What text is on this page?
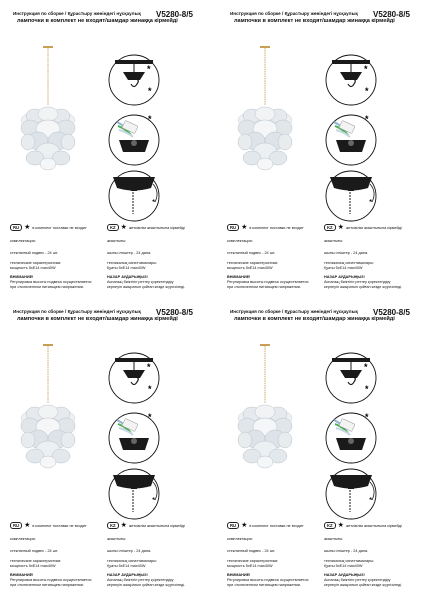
Инструкция по сборке / Құрастыру жөніндегі нұсқаулық
лампочки в комплект не входят/шамдар жинаққа кірмейді
V5280-8/5
*
*
*
RU ★ в комплект поставки не входит
комплектация:
стеклянный подвес - 24 шт.
технические характеристики:
мощность 5хЕ14 max40W
ВНИМАНИЕ!
Регулировка высоты подвеса осуществляется
при отключенном питающем напряжении.
KZ ★ жеткізілім жиынтығына кірмейді
жиынтығы:
шыны ілгіштер - 24 дана.
техникалық сипаттамалары:
Қуаты 5хЕ14 max40W
НАЗАР АУДАРЫҢЫЗ!
Аспаның биіктігін реттеу қоректендіру
кернеуін ажыратып қойған кезде жүргізіледі.
Инструкция по сборке / Құрастыру жөніндегі нұсқаулық
лампочки в комплект не входят/шамдар жинаққа кірмейді
V5280-8/5
*
*
*
RU ★ в комплект поставки не входит
комплектация:
стеклянный подвес - 24 шт.
технические характеристики:
мощность 5хЕ14 max40W
ВНИМАНИЕ!
Регулировка высоты подвеса осуществляется
при отключенном питающем напряжении.
KZ ★ жеткізілім жиынтығына кірмейді
жиынтығы:
шыны ілгіштер - 24 дана.
техникалық сипаттамалары:
Қуаты 5хЕ14 max40W
НАЗАР АУДАРЫҢЫЗ!
Аспаның биіктігін реттеу қоректендіру
кернеуін ажыратып қойған кезде жүргізіледі.
Инструкция по сборке / Құрастыру жөніндегі нұсқаулық
лампочки в комплект не входят/шамдар жинаққа кірмейді
V5280-8/5
*
*
*
RU ★ в комплект поставки не входит
комплектация:
стеклянный подвес - 24 шт.
технические характеристики:
мощность 5хЕ14 max40W
ВНИМАНИЕ!
Регулировка высоты подвеса осуществляется
при отключенном питающем напряжении.
KZ ★ жеткізілім жиынтығына кірмейді
жиынтығы:
шыны ілгіштер - 24 дана.
техникалық сипаттамалары:
Қуаты 5хЕ14 max40W
НАЗАР АУДАРЫҢЫЗ!
Аспаның биіктігін реттеу қоректендіру
кернеуін ажыратып қойған кезде жүргізіледі.
Инструкция по сборке / Құрастыру жөніндегі нұсқаулық
лампочки в комплект не входят/шамдар жинаққа кірмейді
V5280-8/5
*
*
*
RU ★ в комплект поставки не входит
комплектация:
стеклянный подвес - 24 шт.
технические характеристики:
мощность 5хЕ14 max40W
ВНИМАНИЕ!
Регулировка высоты подвеса осуществляется
при отключенном питающем напряжении.
KZ ★ жеткізілім жиынтығына кірмейді
жиынтығы:
шыны ілгіштер - 24 дана.
техникалық сипаттамалары:
Қуаты 5хЕ14 max40W
НАЗАР АУДАРЫҢЫЗ!
Аспаның биіктігін реттеу қоректендіру
кернеуін ажыратып қойған кезде жүргізіледі.
